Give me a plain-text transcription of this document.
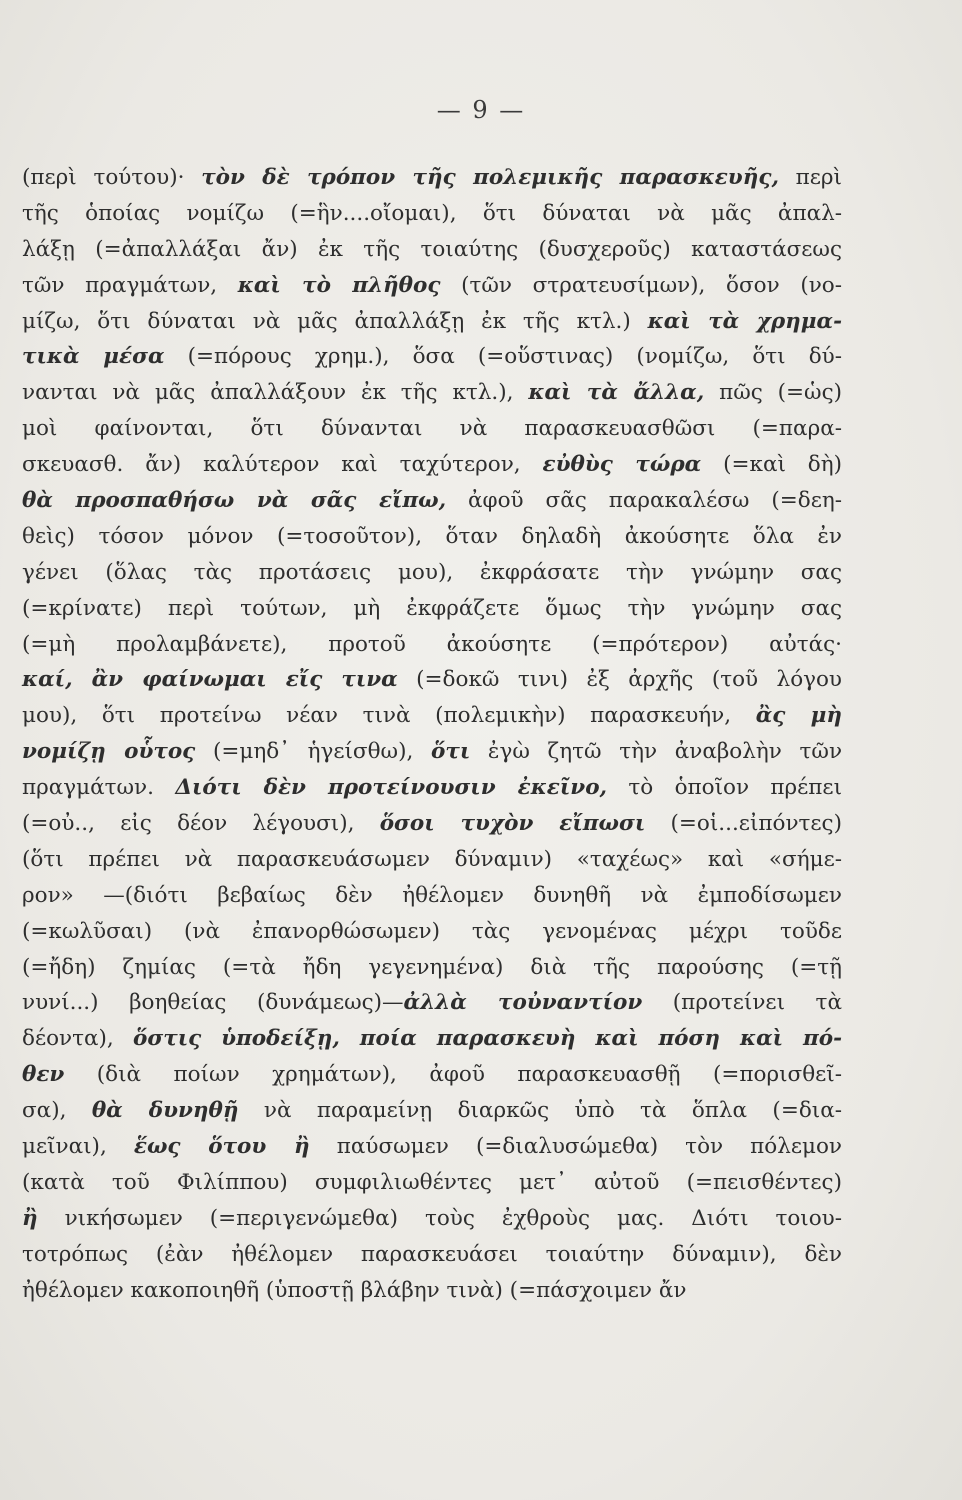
— 9 —
(περὶ τούτου)· τὸν δὲ τρόπον τῆς πολεμικῆς παρασκευῆς, περὶ
τῆς ὁποίας νομίζω (=ἣν....οἴομαι), ὅτι δύναται νὰ μᾶς ἀπαλ-
λάξῃ (=ἀπαλλάξαι ἄν) ἐκ τῆς τοιαύτης (δυσχεροῦς) καταστάσεως
τῶν πραγμάτων, καὶ τὸ πλῆθος (τῶν στρατευσίμων), ὅσον (νο-
μίζω, ὅτι δύναται νὰ μᾶς ἀπαλλάξῃ ἐκ τῆς κτλ.) καὶ τὰ χρημα-
τικὰ μέσα (=πόρους χρημ.), ὅσα (=οὕστινας) (νομίζω, ὅτι δύ-
νανται νὰ μᾶς ἀπαλλάξουν ἐκ τῆς κτλ.), καὶ τὰ ἄλλα, πῶς (=ὡς)
μοὶ φαίνονται, ὅτι δύνανται νὰ παρασκευασθῶσι (=παρα-
σκευασθ. ἄν) καλύτερον καὶ ταχύτερον, εὐθὺς τώρα (=καὶ δὴ)
θὰ προσπαθήσω νὰ σᾶς εἴπω, ἀφοῦ σᾶς παρακαλέσω (=δεη-
θεὶς) τόσον μόνον (=τοσοῦτον), ὅταν δηλαδὴ ἀκούσητε ὅλα ἐν
γένει (ὅλας τὰς προτάσεις μου), ἐκφράσατε τὴν γνώμην σας
(=κρίνατε) περὶ τούτων, μὴ ἐκφράζετε ὅμως τὴν γνώμην σας
(=μὴ προλαμβάνετε), προτοῦ ἀκούσητε (=πρότερον) αὐτάς·
καί, ἂν φαίνωμαι εἴς τινα (=δοκῶ τινι) ἐξ ἀρχῆς (τοῦ λόγου
μου), ὅτι προτείνω νέαν τινὰ (πολεμικὴν) παρασκευήν, ἂς μὴ
νομίζῃ οὗτος (=μηδ᾽ ἡγείσθω), ὅτι ἐγὼ ζητῶ τὴν ἀναβολὴν τῶν
πραγμάτων. Διότι δὲν προτείνουσιν ἐκεῖνο, τὸ ὁποῖον πρέπει
(=οὐ.., εἰς δέον λέγουσι), ὅσοι τυχὸν εἴπωσι (=οἱ...εἰπόντες)
(ὅτι πρέπει νὰ παρασκευάσωμεν δύναμιν) «ταχέως» καὶ «σήμε-
ρον» —(διότι βεβαίως δὲν ἠθέλομεν δυνηθῆ νὰ ἐμποδίσωμεν
(=κωλῦσαι) (νὰ ἐπανορθώσωμεν) τὰς γενομένας μέχρι τοῦδε
(=ἤδη) ζημίας (=τὰ ἤδη γεγενημένα) διὰ τῆς παρούσης (=τῇ
νυνί...) βοηθείας (δυνάμεως)—ἀλλὰ τοὐναντίον (προτείνει τὰ
δέοντα), ὅστις ὑποδείξῃ, ποία παρασκευὴ καὶ πόση καὶ πό-
θεν (διὰ ποίων χρημάτων), ἀφοῦ παρασκευασθῇ (=πορισθεῖ-
σα), θὰ δυνηθῇ νὰ παραμείνῃ διαρκῶς ὑπὸ τὰ ὅπλα (=δια-
μεῖναι), ἕως ὅτου ἢ παύσωμεν (=διαλυσώμεθα) τὸν πόλεμον
(κατὰ τοῦ Φιλίππου) συμφιλιωθέντες μετ᾽ αὐτοῦ (=πεισθέντες)
ἢ νικήσωμεν (=περιγενώμεθα) τοὺς ἐχθροὺς μας. Διότι τοιου-
τοτρόπως (ἐὰν ἠθέλομεν παρασκευάσει τοιαύτην δύναμιν), δὲν
ἠθέλομεν κακοποιηθῆ (ὑποστῇ βλάβην τινὰ) (=πάσχοιμεν ἄν
